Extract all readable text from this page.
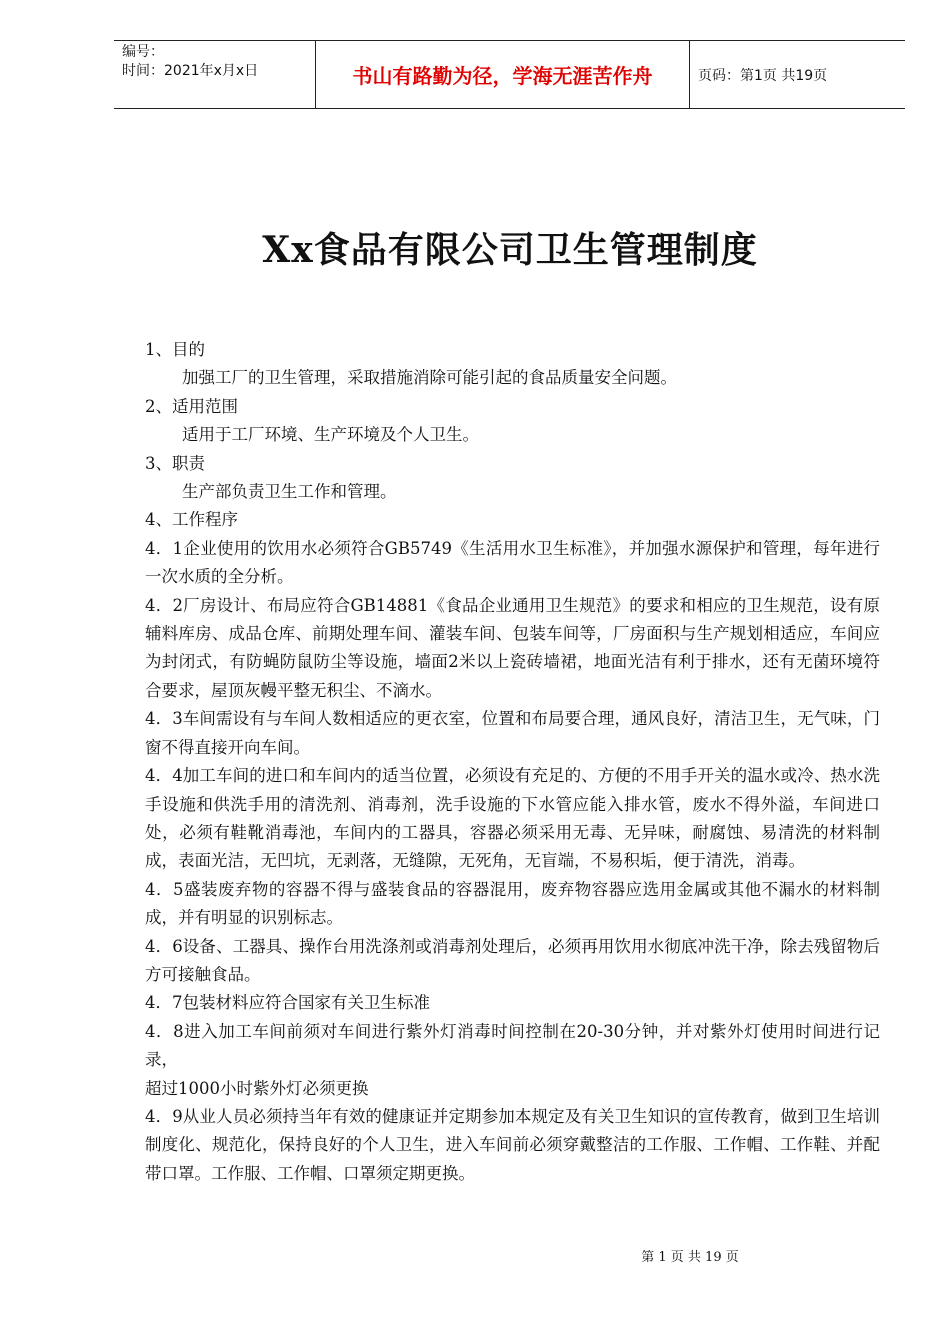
编号：
时间：2021年x月x日	书山有路勤为径，学海无涯苦作舟	页码：第1页 共19页
Xx食品有限公司卫生管理制度

1、目的

加强工厂的卫生管理，采取措施消除可能引起的食品质量安全问题。

2、适用范围

适用于工厂环境、生产环境及个人卫生。

3、职责

生产部负责卫生工作和管理。

4、工作程序

4．1企业使用的饮用水必须符合GB5749《生活用水卫生标准》，并加强水源保护和管理，每年进行一次水质的全分析。

4．2厂房设计、布局应符合GB14881《食品企业通用卫生规范》的要求和相应的卫生规范，设有原辅料库房、成品仓库、前期处理车间、灌装车间、包装车间等，厂房面积与生产规划相适应，车间应为封闭式，有防蝇防鼠防尘等设施，墙面2米以上瓷砖墙裙，地面光洁有利于排水，还有无菌环境符合要求，屋顶灰幔平整无积尘、不滴水。

4．3车间需设有与车间人数相适应的更衣室，位置和布局要合理，通风良好，清洁卫生，无气味，门窗不得直接开向车间。

4．4加工车间的进口和车间内的适当位置，必须设有充足的、方便的不用手开关的温水或冷、热水洗手设施和供洗手用的清洗剂、消毒剂，洗手设施的下水管应能入排水管，废水不得外溢，车间进口处，必须有鞋靴消毒池，车间内的工器具，容器必须采用无毒、无异味，耐腐蚀、易清洗的材料制成，表面光洁，无凹坑，无剥落，无缝隙，无死角，无盲端，不易积垢，便于清洗，消毒。

4．5盛装废弃物的容器不得与盛装食品的容器混用，废弃物容器应选用金属或其他不漏水的材料制成，并有明显的识别标志。

4．6设备、工器具、操作台用洗涤剂或消毒剂处理后，必须再用饮用水彻底冲洗干净，除去残留物后方可接触食品。

4．7包装材料应符合国家有关卫生标准

4．8进入加工车间前须对车间进行紫外灯消毒时间控制在20-30分钟，并对紫外灯使用时间进行记录，

超过1000小时紫外灯必须更换

4．9从业人员必须持当年有效的健康证并定期参加本规定及有关卫生知识的宣传教育，做到卫生培训制度化、规范化，保持良好的个人卫生，进入车间前必须穿戴整洁的工作服、工作帽、工作鞋、并配带口罩。工作服、工作帽、口罩须定期更换。

第 1 页 共 19 页
